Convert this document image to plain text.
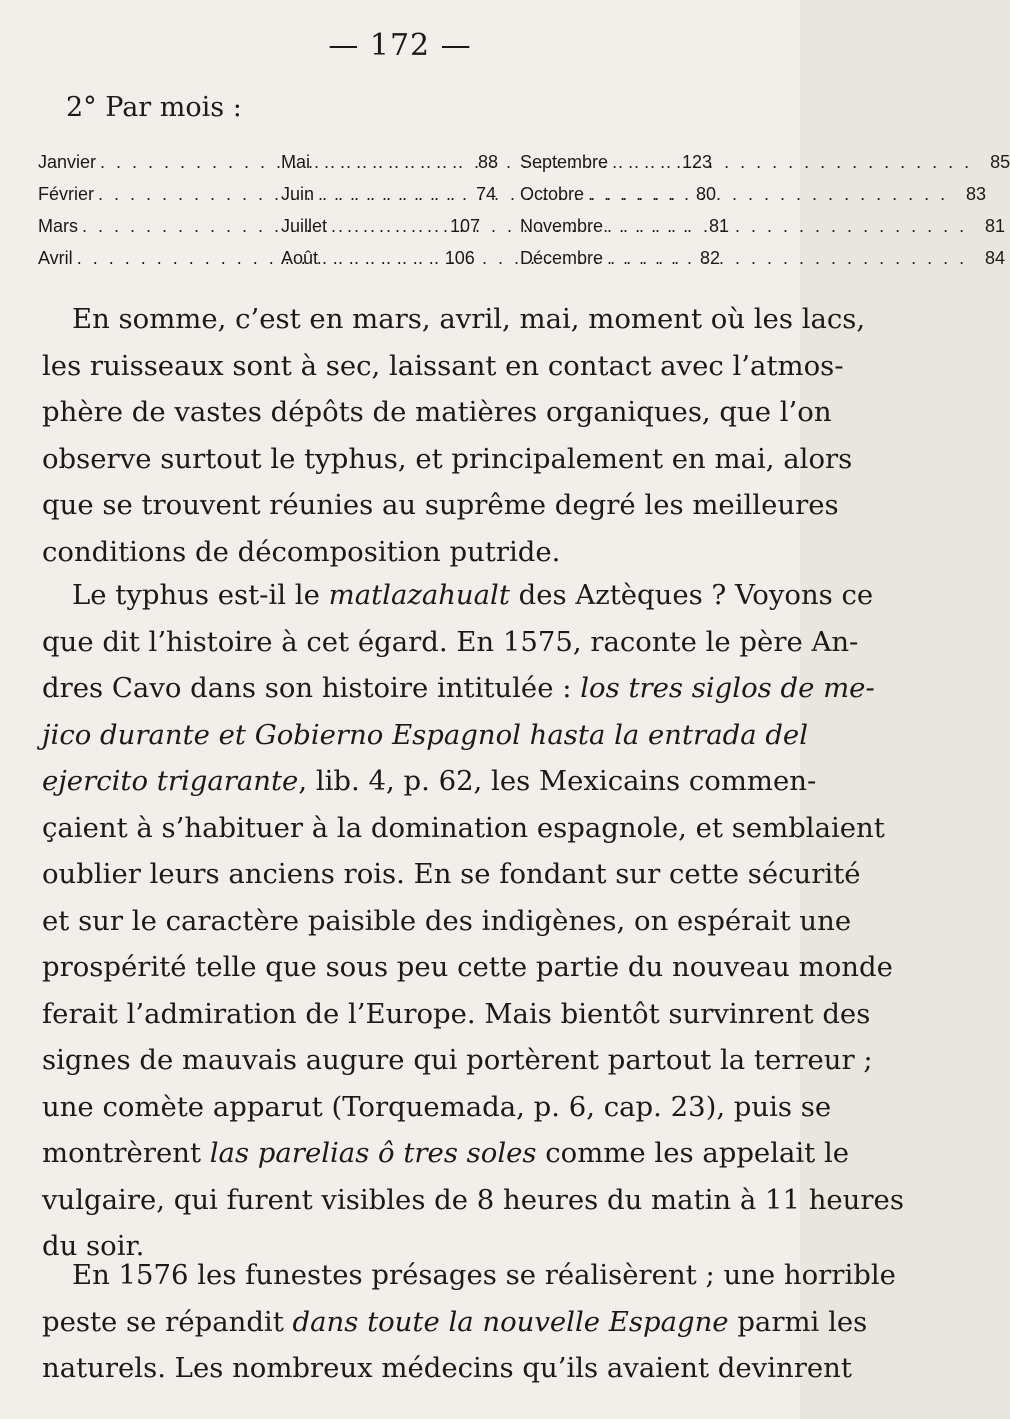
— 172 —
2° Par mois :
Janvier . . .	88
Mai . . .	123
Septembre . . .	85
Février . . .	74
Juin . . .	80
Octobre . . .	83
Mars . . .	107
Juillet . . .	81
Novembre . . .	81
Avril . . .	106
Août . . .	82
Décembre . . .	84
En somme, c’est en mars, avril, mai, moment où les lacs,
les ruisseaux sont à sec, laissant en contact avec l’atmos-
phère de vastes dépôts de matières organiques, que l’on
observe surtout le typhus, et principalement en mai, alors
que se trouvent réunies au suprême degré les meilleures
conditions de décomposition putride.
Le typhus est-il le matlazahualt des Aztèques ? Voyons ce
que dit l’histoire à cet égard. En 1575, raconte le père An-
dres Cavo dans son histoire intitulée : los tres siglos de me-
jico durante et Gobierno Espagnol hasta la entrada del
ejercito trigarante, lib. 4, p. 62, les Mexicains commen-
çaient à s’habituer à la domination espagnole, et semblaient
oublier leurs anciens rois. En se fondant sur cette sécurité
et sur le caractère paisible des indigènes, on espérait une
prospérité telle que sous peu cette partie du nouveau monde
ferait l’admiration de l’Europe. Mais bientôt survinrent des
signes de mauvais augure qui portèrent partout la terreur ;
une comète apparut (Torquemada, p. 6, cap. 23), puis se
montrèrent las parelias ô tres soles comme les appelait le
vulgaire, qui furent visibles de 8 heures du matin à 11 heures
du soir.
En 1576 les funestes présages se réalisèrent ; une horrible
peste se répandit dans toute la nouvelle Espagne parmi les
naturels. Les nombreux médecins qu’ils avaient devinrent
